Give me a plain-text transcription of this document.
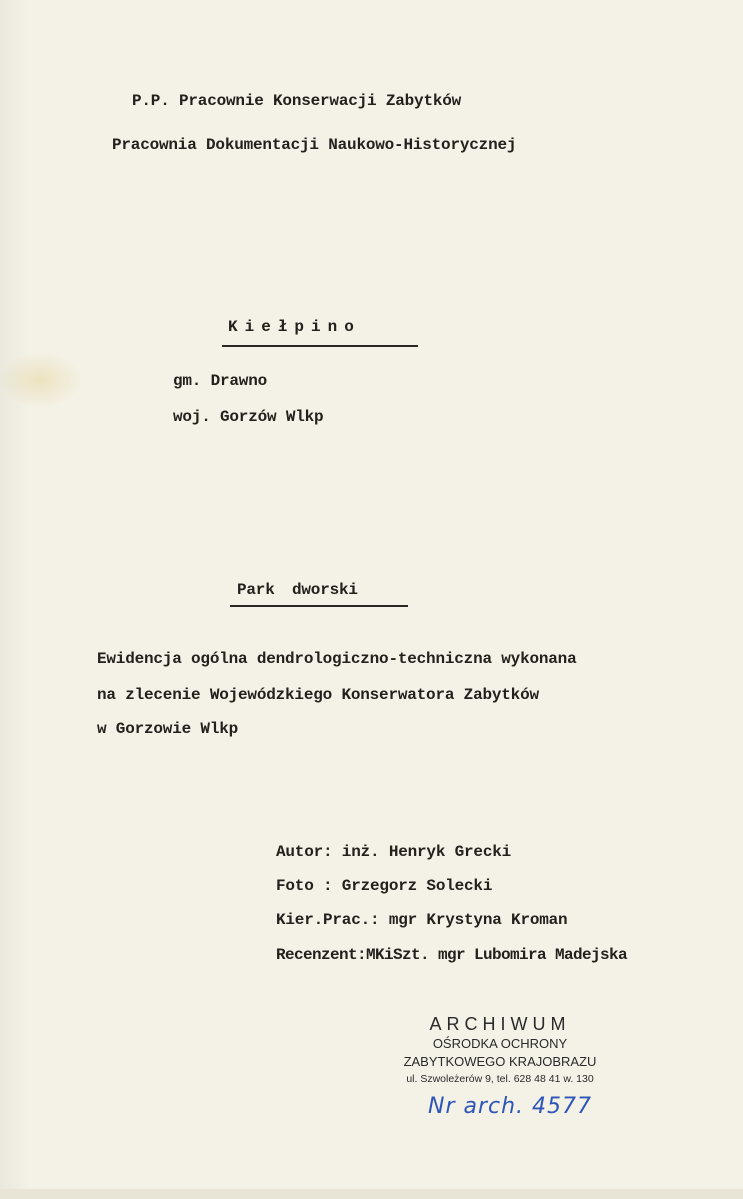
P.P. Pracownie Konserwacji Zabytków
Pracownia Dokumentacji Naukowo-Historycznej
Kiełpino
gm. Drawno
woj. Gorzów Wlkp
Park dworski
Ewidencja ogólna dendrologiczno-techniczna wykonana
na zlecenie Wojewódzkiego Konserwatora Zabytków
w Gorzowie Wlkp
Autor: inż. Henryk Grecki
Foto : Grzegorz Solecki
Kier.Prac.: mgr Krystyna Kroman
Recenzent:MKiSzt. mgr Lubomira Madejska
ARCHIWUM
OŚRODKA OCHRONY
ZABYTKOWEGO KRAJOBRAZU
ul. Szwoleżerów 9, tel. 628 48 41 w. 130
Nr arch. 4577
